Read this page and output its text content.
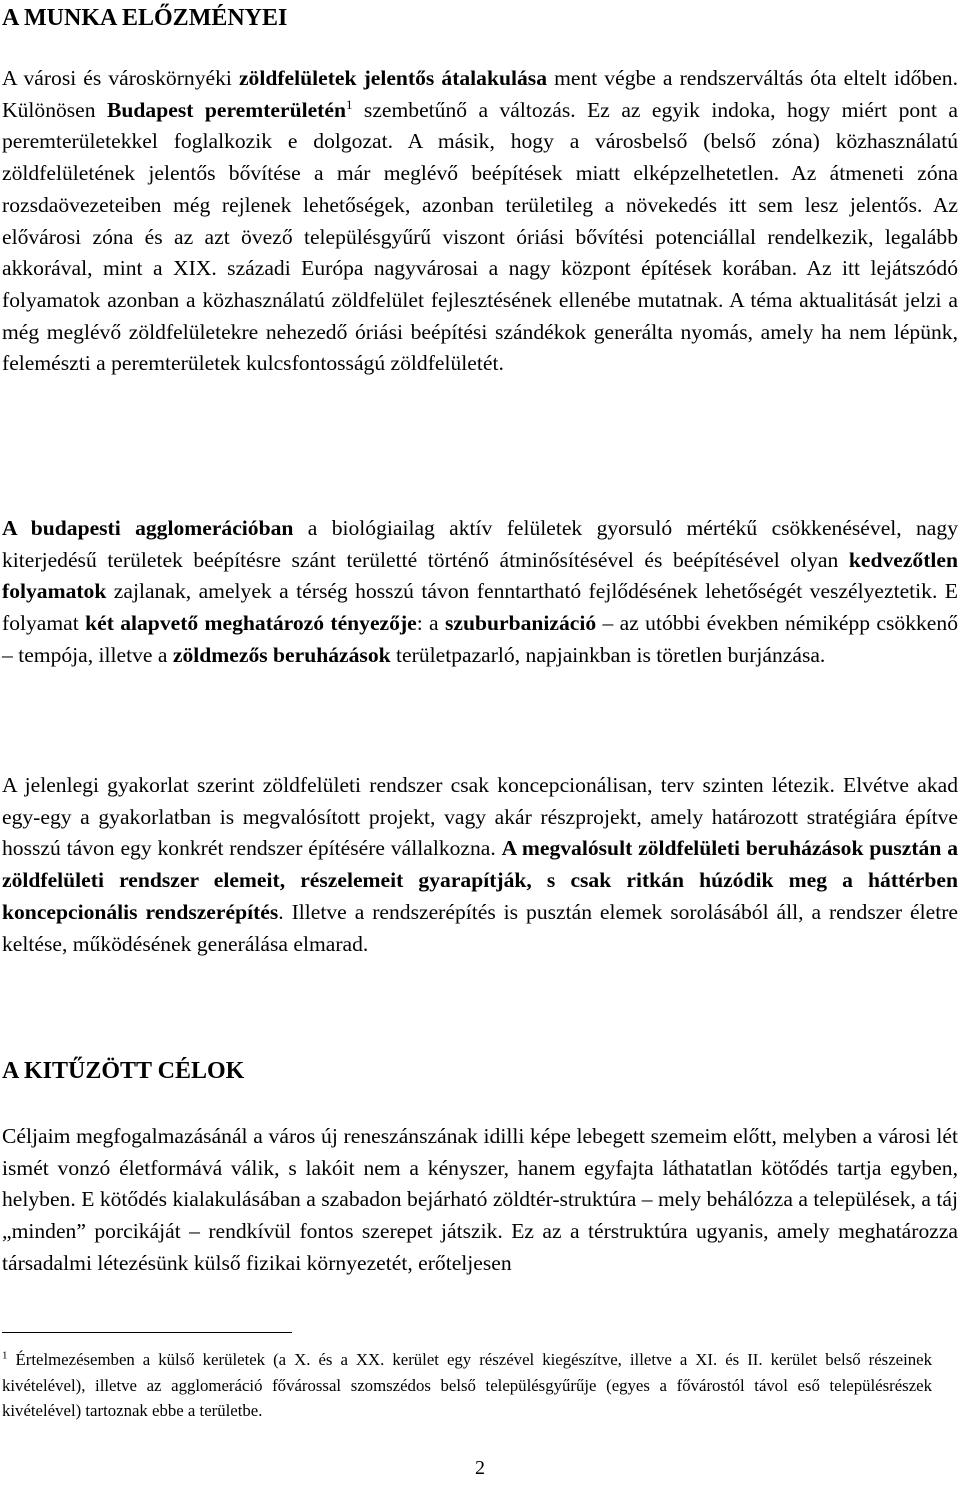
A MUNKA ELŐZMÉNYEI

A városi és városkörnyéki zöldfelületek jelentős átalakulása ment végbe a rendszerváltás óta eltelt időben. Különösen Budapest peremterületén$^1$ szembetűnő a változás. Ez az egyik indoka, hogy miért pont a peremterületekkel foglalkozik e dolgozat. A másik, hogy a városbelső (belső zóna) közhasználatú zöldfelületének jelentős bővítése a már meglévő beépítések miatt elképzelhetetlen. Az átmeneti zóna rozsdaövezeteiben még rejlenek lehetőségek, azonban területileg a növekedés itt sem lesz jelentős. Az elővárosi zóna és az azt övező településgyűrű viszont óriási bővítési potenciállal rendelkezik, legalább akkorával, mint a XIX. századi Európa nagyvárosai a nagy központ építések korában. Az itt lejátszódó folyamatok azonban a közhasználatú zöldfelület fejlesztésének ellenébe mutatnak. A téma aktualitását jelzi a még meglévő zöldfelületekre nehezedő óriási beépítési szándékok generálta nyomás, amely ha nem lépünk, felemészti a peremterületek kulcsfontosságú zöldfelületét.

A budapesti agglomerációban a biológiailag aktív felületek gyorsuló mértékű csökkenésével, nagy kiterjedésű területek beépítésre szánt területté történő átminősítésével és beépítésével olyan kedvezőtlen folyamatok zajlanak, amelyek a térség hosszú távon fenntartható fejlődésének lehetőségét veszélyeztetik. E folyamat két alapvető meghatározó tényezője: a szuburbanizáció – az utóbbi években némiképp csökkenő – tempója, illetve a zöldmezős beruházások területpazarló, napjainkban is töretlen burjánzása.

A jelenlegi gyakorlat szerint zöldfelületi rendszer csak koncepcionálisan, terv szinten létezik. Elvétve akad egy-egy a gyakorlatban is megvalósított projekt, vagy akár részprojekt, amely határozott stratégiára építve hosszú távon egy konkrét rendszer építésére vállalkozna. A megvalósult zöldfelületi beruházások pusztán a zöldfelületi rendszer elemeit, részelemeit gyarapítják, s csak ritkán húzódik meg a háttérben koncepcionális rendszerépítés. Illetve a rendszerépítés is pusztán elemek sorolásából áll, a rendszer életre keltése, működésének generálása elmarad.

A KITŰZÖTT CÉLOK

Céljaim megfogalmazásánál a város új reneszánszának idilli képe lebegett szemeim előtt, melyben a városi lét ismét vonzó életformává válik, s lakóit nem a kényszer, hanem egyfajta láthatatlan kötődés tartja egyben, helyben. E kötődés kialakulásában a szabadon bejárható zöldtér-struktúra – mely behálózza a települések, a táj „minden” porcikáját – rendkívül fontos szerepet játszik. Ez az a térstruktúra ugyanis, amely meghatározza társadalmi létezésünk külső fizikai környezetét, erőteljesen

$^1$ Értelmezésemben a külső kerületek (a X. és a XX. kerület egy részével kiegészítve, illetve a XI. és II. kerület belső részeinek kivételével), illetve az agglomeráció fővárossal szomszédos belső településgyűrűje (egyes a fővárostól távol eső településrészek kivételével) tartoznak ebbe a területbe.

2
